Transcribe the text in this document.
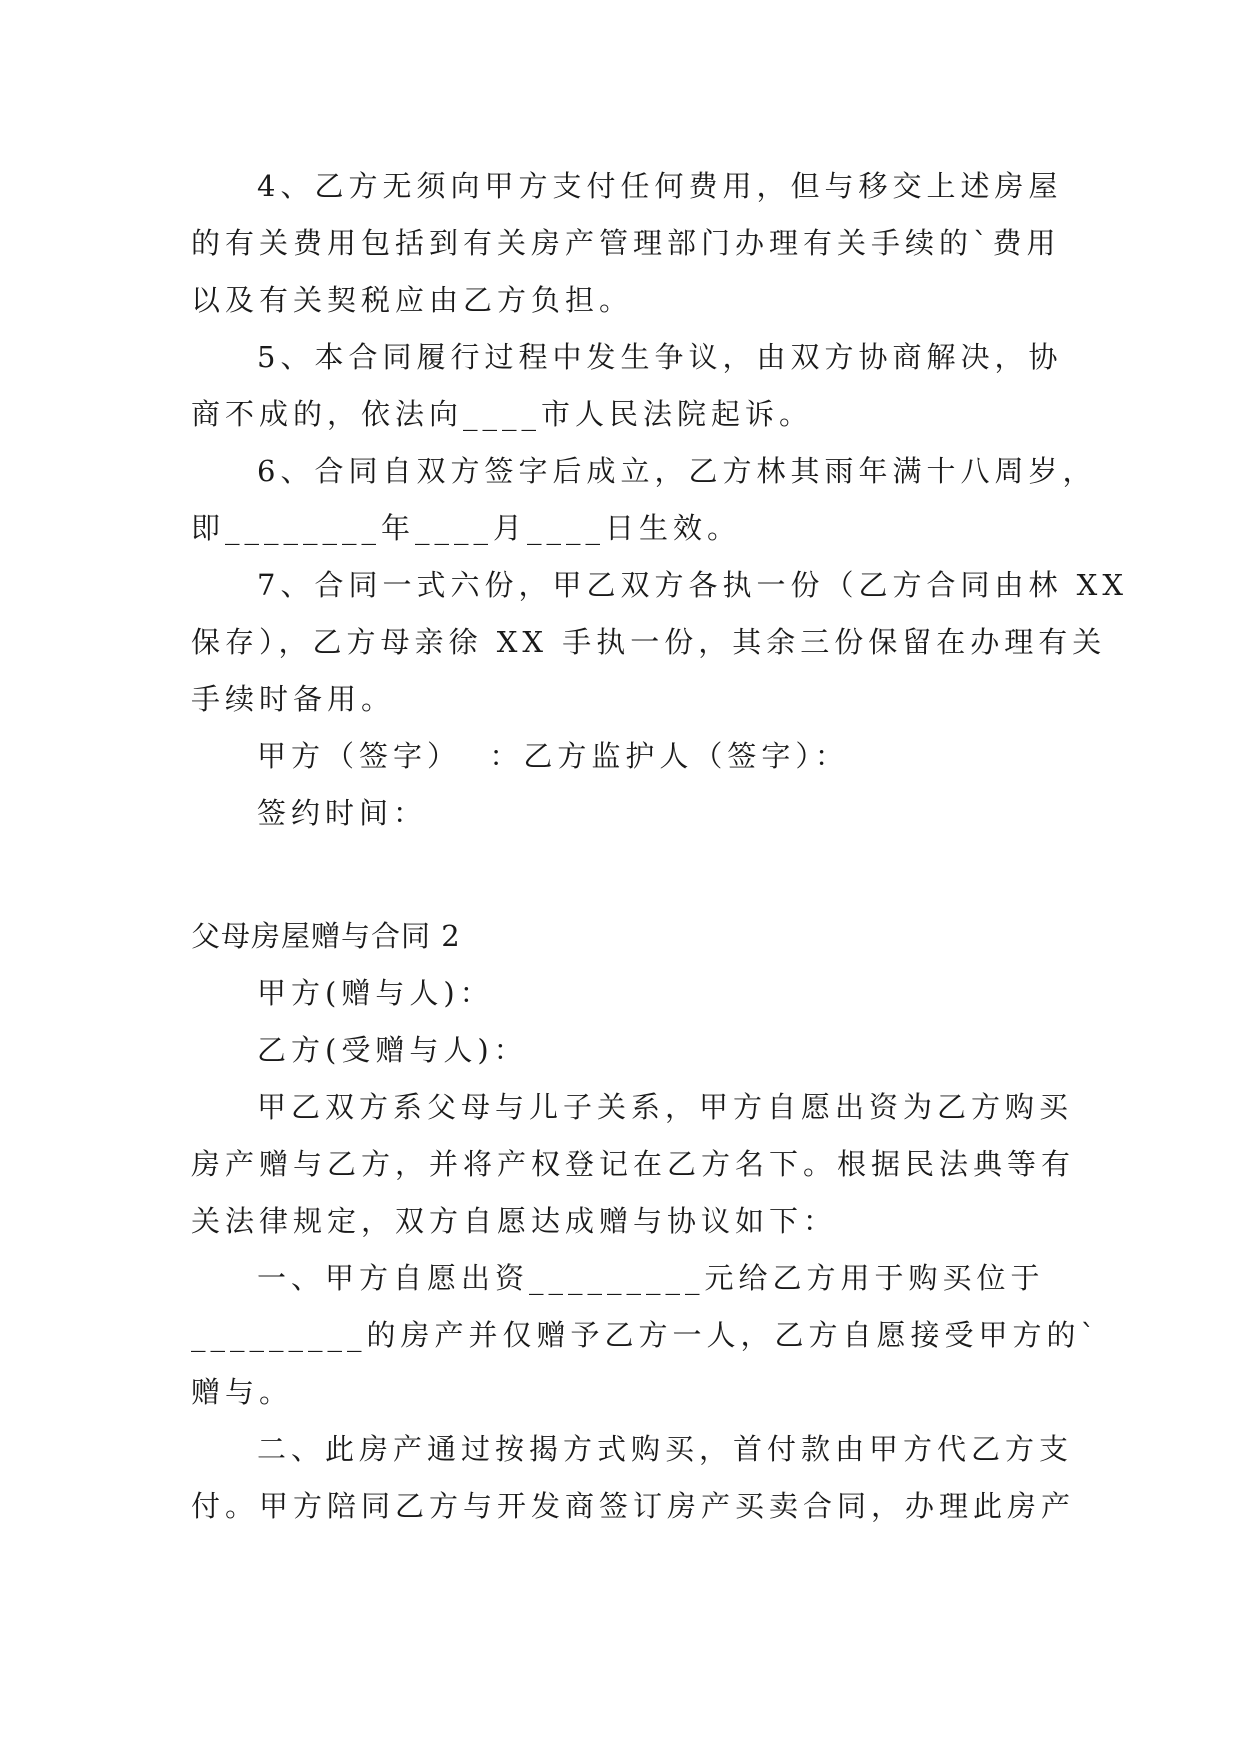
4、乙方无须向甲方支付任何费用，但与移交上述房屋
的有关费用包括到有关房产管理部门办理有关手续的`费用
以及有关契税应由乙方负担。
5、本合同履行过程中发生争议，由双方协商解决，协
商不成的，依法向____市人民法院起诉。
6、合同自双方签字后成立，乙方林其雨年满十八周岁，
即________年____月____日生效。
7、合同一式六份，甲乙双方各执一份（乙方合同由林 XX
保存），乙方母亲徐 XX 手执一份，其余三份保留在办理有关
手续时备用。
甲方（签字）  ：乙方监护人（签字）：
签约时间：
父母房屋赠与合同 2
甲方(赠与人)：
乙方(受赠与人)：
甲乙双方系父母与儿子关系，甲方自愿出资为乙方购买
房产赠与乙方，并将产权登记在乙方名下。根据民法典等有
关法律规定，双方自愿达成赠与协议如下：
一、甲方自愿出资_________元给乙方用于购买位于
_________的房产并仅赠予乙方一人，乙方自愿接受甲方的`
赠与。
二、此房产通过按揭方式购买，首付款由甲方代乙方支
付。甲方陪同乙方与开发商签订房产买卖合同，办理此房产
